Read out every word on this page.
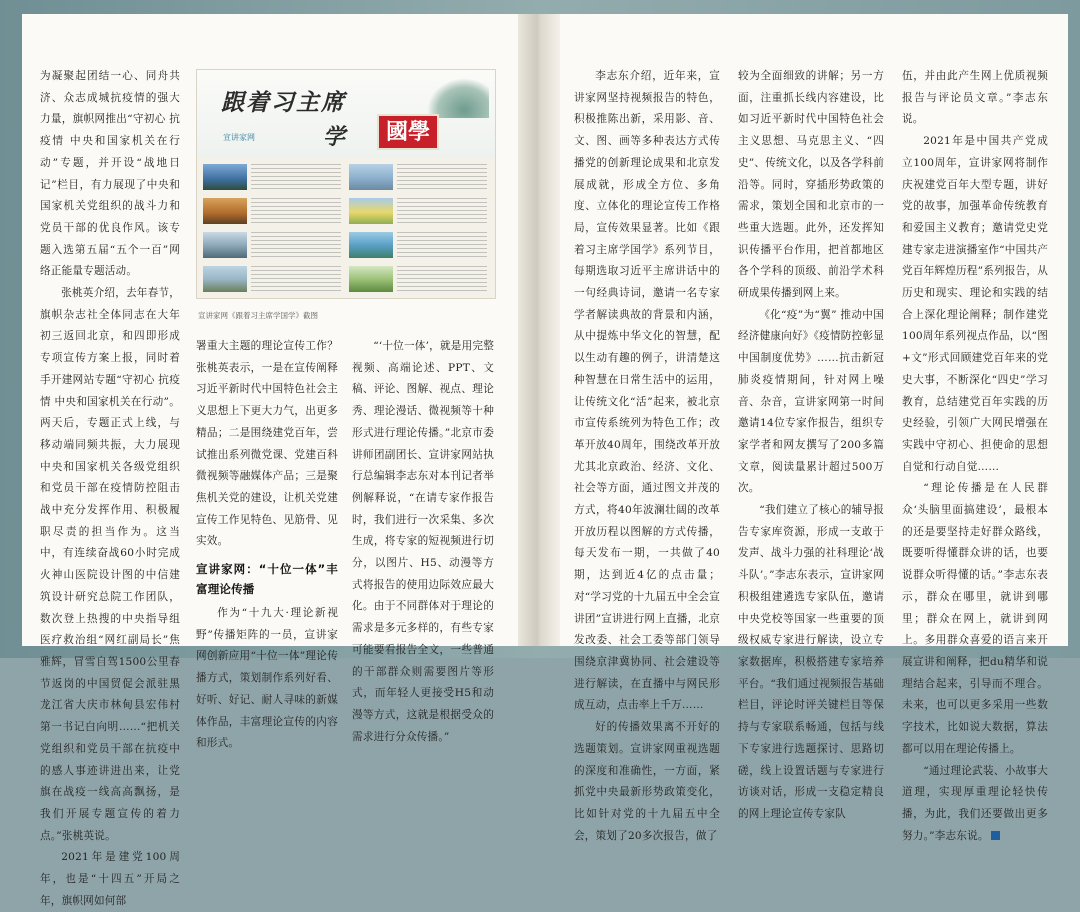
为凝聚起团结一心、同舟共济、众志成城抗疫情的强大力量，旗帜网推出“守初心 抗疫情 中央和国家机关在行动”专题，并开设“战地日记”栏目，有力展现了中央和国家机关党组织的战斗力和党员干部的优良作风。该专题入选第五届“五个一百”网络正能量专题活动。

张桃英介绍，去年春节，旗帜杂志社全体同志在大年初三返回北京，和四即形成专项宣传方案上报，同时着手开建网站专题“守初心 抗疫情 中央和国家机关在行动”。两天后，专题正式上线，与移动端同频共振，大力展现中央和国家机关各级党组织和党员干部在疫情防控阻击战中充分发挥作用、积极履职尽责的担当作为。这当中，有连续奋战60小时完成火神山医院设计图的中信建筑设计研究总院工作团队，数次登上热搜的中央指导组医疗救治组“网红副局长”焦雅辉，冒雪自驾1500公里春节返岗的中国贸促会派驻黑龙江省大庆市林甸县宏伟村第一书记白向明……“把机关党组织和党员干部在抗疫中的感人事迹讲进出来，让党旗在战疫一线高高飘扬，是我们开展专题宣传的着力点。”张桃英说。

2021年是建党100周年，也是“十四五”开局之年，旗帜网如何部

跟着习主席
学	國學
宣讲家网
宣讲家网《跟着习主席学国学》截图

署重大主题的理论宣传工作？张桃英表示，一是在宣传阐释习近平新时代中国特色社会主义思想上下更大力气，出更多精品；二是围绕建党百年，尝试推出系列微党课、党建百科微视频等融媒体产品；三是聚焦机关党的建设，让机关党建宣传工作见特色、见筋骨、见实效。

宣讲家网：“十位一体”丰富理论传播

作为“十九大·理论新视野”传播矩阵的一员，宣讲家网创新应用“十位一体”理论传播方式，策划制作系列好看、好听、好记、耐人寻味的新媒体作品，丰富理论宣传的内容和形式。

“‘十位一体’，就是用完整视频、高端论述、PPT、文稿、评论、图解、视点、理论秀、理论漫话、微视频等十种形式进行理论传播。”北京市委讲师团副团长、宣讲家网站执行总编辑李志东对本刊记者举例解释说，“在请专家作报告时，我们进行一次采集、多次生成，将专家的短视频进行切分，以图片、H5、动漫等方式将报告的使用边际效应最大化。由于不同群体对于理论的需求是多元多样的，有些专家可能要看报告全文，一些普通的干部群众则需要图片等形式，而年轻人更接受H5和动漫等方式，这就是根据受众的需求进行分众传播。”

李志东介绍，近年来，宣讲家网坚持视频报告的特色，积极推陈出新，采用影、音、文、图、画等多种表达方式传播党的创新理论成果和北京发展成就，形成全方位、多角度、立体化的理论宣传工作格局，宣传效果显著。比如《跟着习主席学国学》系列节目，每期选取习近平主席讲话中的一句经典诗词，邀请一名专家学者解读典故的背景和内涵，从中提炼中华文化的智慧，配以生动有趣的例子，讲清楚这种智慧在日常生活中的运用，让传统文化“活”起来，被北京市宣传系统列为特色工作；改革开放40周年，围绕改革开放尤其北京政治、经济、文化、社会等方面，通过图文并茂的方式，将40年波澜壮阔的改革开放历程以图解的方式传播，每天发布一期，一共做了40期，达到近4亿的点击量；对“学习党的十九届五中全会宣讲团”宣讲进行网上直播，北京发改委、社会工委等部门领导围绕京津冀协同、社会建设等进行解读，在直播中与网民形成互动，点击率上千万……

好的传播效果离不开好的选题策划。宣讲家网重视选题的深度和准确性，一方面，紧抓党中央最新形势政策变化，比如针对党的十九届五中全会，策划了20多次报告，做了

较为全面细致的讲解；另一方面，注重抓长线内容建设，比如习近平新时代中国特色社会主义思想、马克思主义、“四史”、传统文化，以及各学科前沿等。同时，穿插形势政策的需求，策划全国和北京市的一些重大选题。此外，还发挥知识传播平台作用，把首都地区各个学科的顶级、前沿学术科研成果传播到网上来。

《化“疫”为“翼” 推动中国经济健康向好》《疫情防控彰显中国制度优势》……抗击新冠肺炎疫情期间，针对网上噪音、杂音，宣讲家网第一时间邀请14位专家作报告，组织专家学者和网友撰写了200多篇文章，阅读量累计超过500万次。

“我们建立了核心的辅导报告专家库资源，形成一支敢于发声、战斗力强的社科理论‘战斗队’。”李志东表示，宣讲家网积极组建遴选专家队伍，邀请中央党校等国家一些重要的顶级权威专家进行解读，设立专家数据库，积极搭建专家培养平台。“我们通过视频报告基础栏目，评论时评关键栏目等保持与专家联系畅通，包括与线下专家进行选题探讨、思路切磋，线上设置话题与专家进行访谈对话，形成一支稳定精良的网上理论宣传专家队

伍，并由此产生网上优质视频报告与评论员文章。”李志东说。

2021年是中国共产党成立100周年，宣讲家网将制作庆祝建党百年大型专题，讲好党的故事，加强革命传统教育和爱国主义教育；邀请党史党建专家走进演播室作“中国共产党百年辉煌历程”系列报告，从历史和现实、理论和实践的结合上深化理论阐释；制作建党100周年系列视点作品，以“图+文”形式回顾建党百年来的党史大事，不断深化“四史”学习教育，总结建党百年实践的历史经验，引领广大网民增强在实践中守初心、担使命的思想自觉和行动自觉……

“理论传播是在人民群众‘头脑里面搞建设’，最根本的还是要坚持走好群众路线，既要听得懂群众讲的话，也要说群众听得懂的话。”李志东表示，群众在哪里，就讲到哪里；群众在网上，就讲到网上。多用群众喜爱的语言来开展宣讲和阐释，把du精华和说理结合起来，引导而不理合。未来，也可以更多采用一些数字技术，比如说大数据，算法都可以用在理论传播上。

“通过理论武装、小故事大道理，实现厚重理论轻快传播，为此，我们还要做出更多努力。”李志东说。
